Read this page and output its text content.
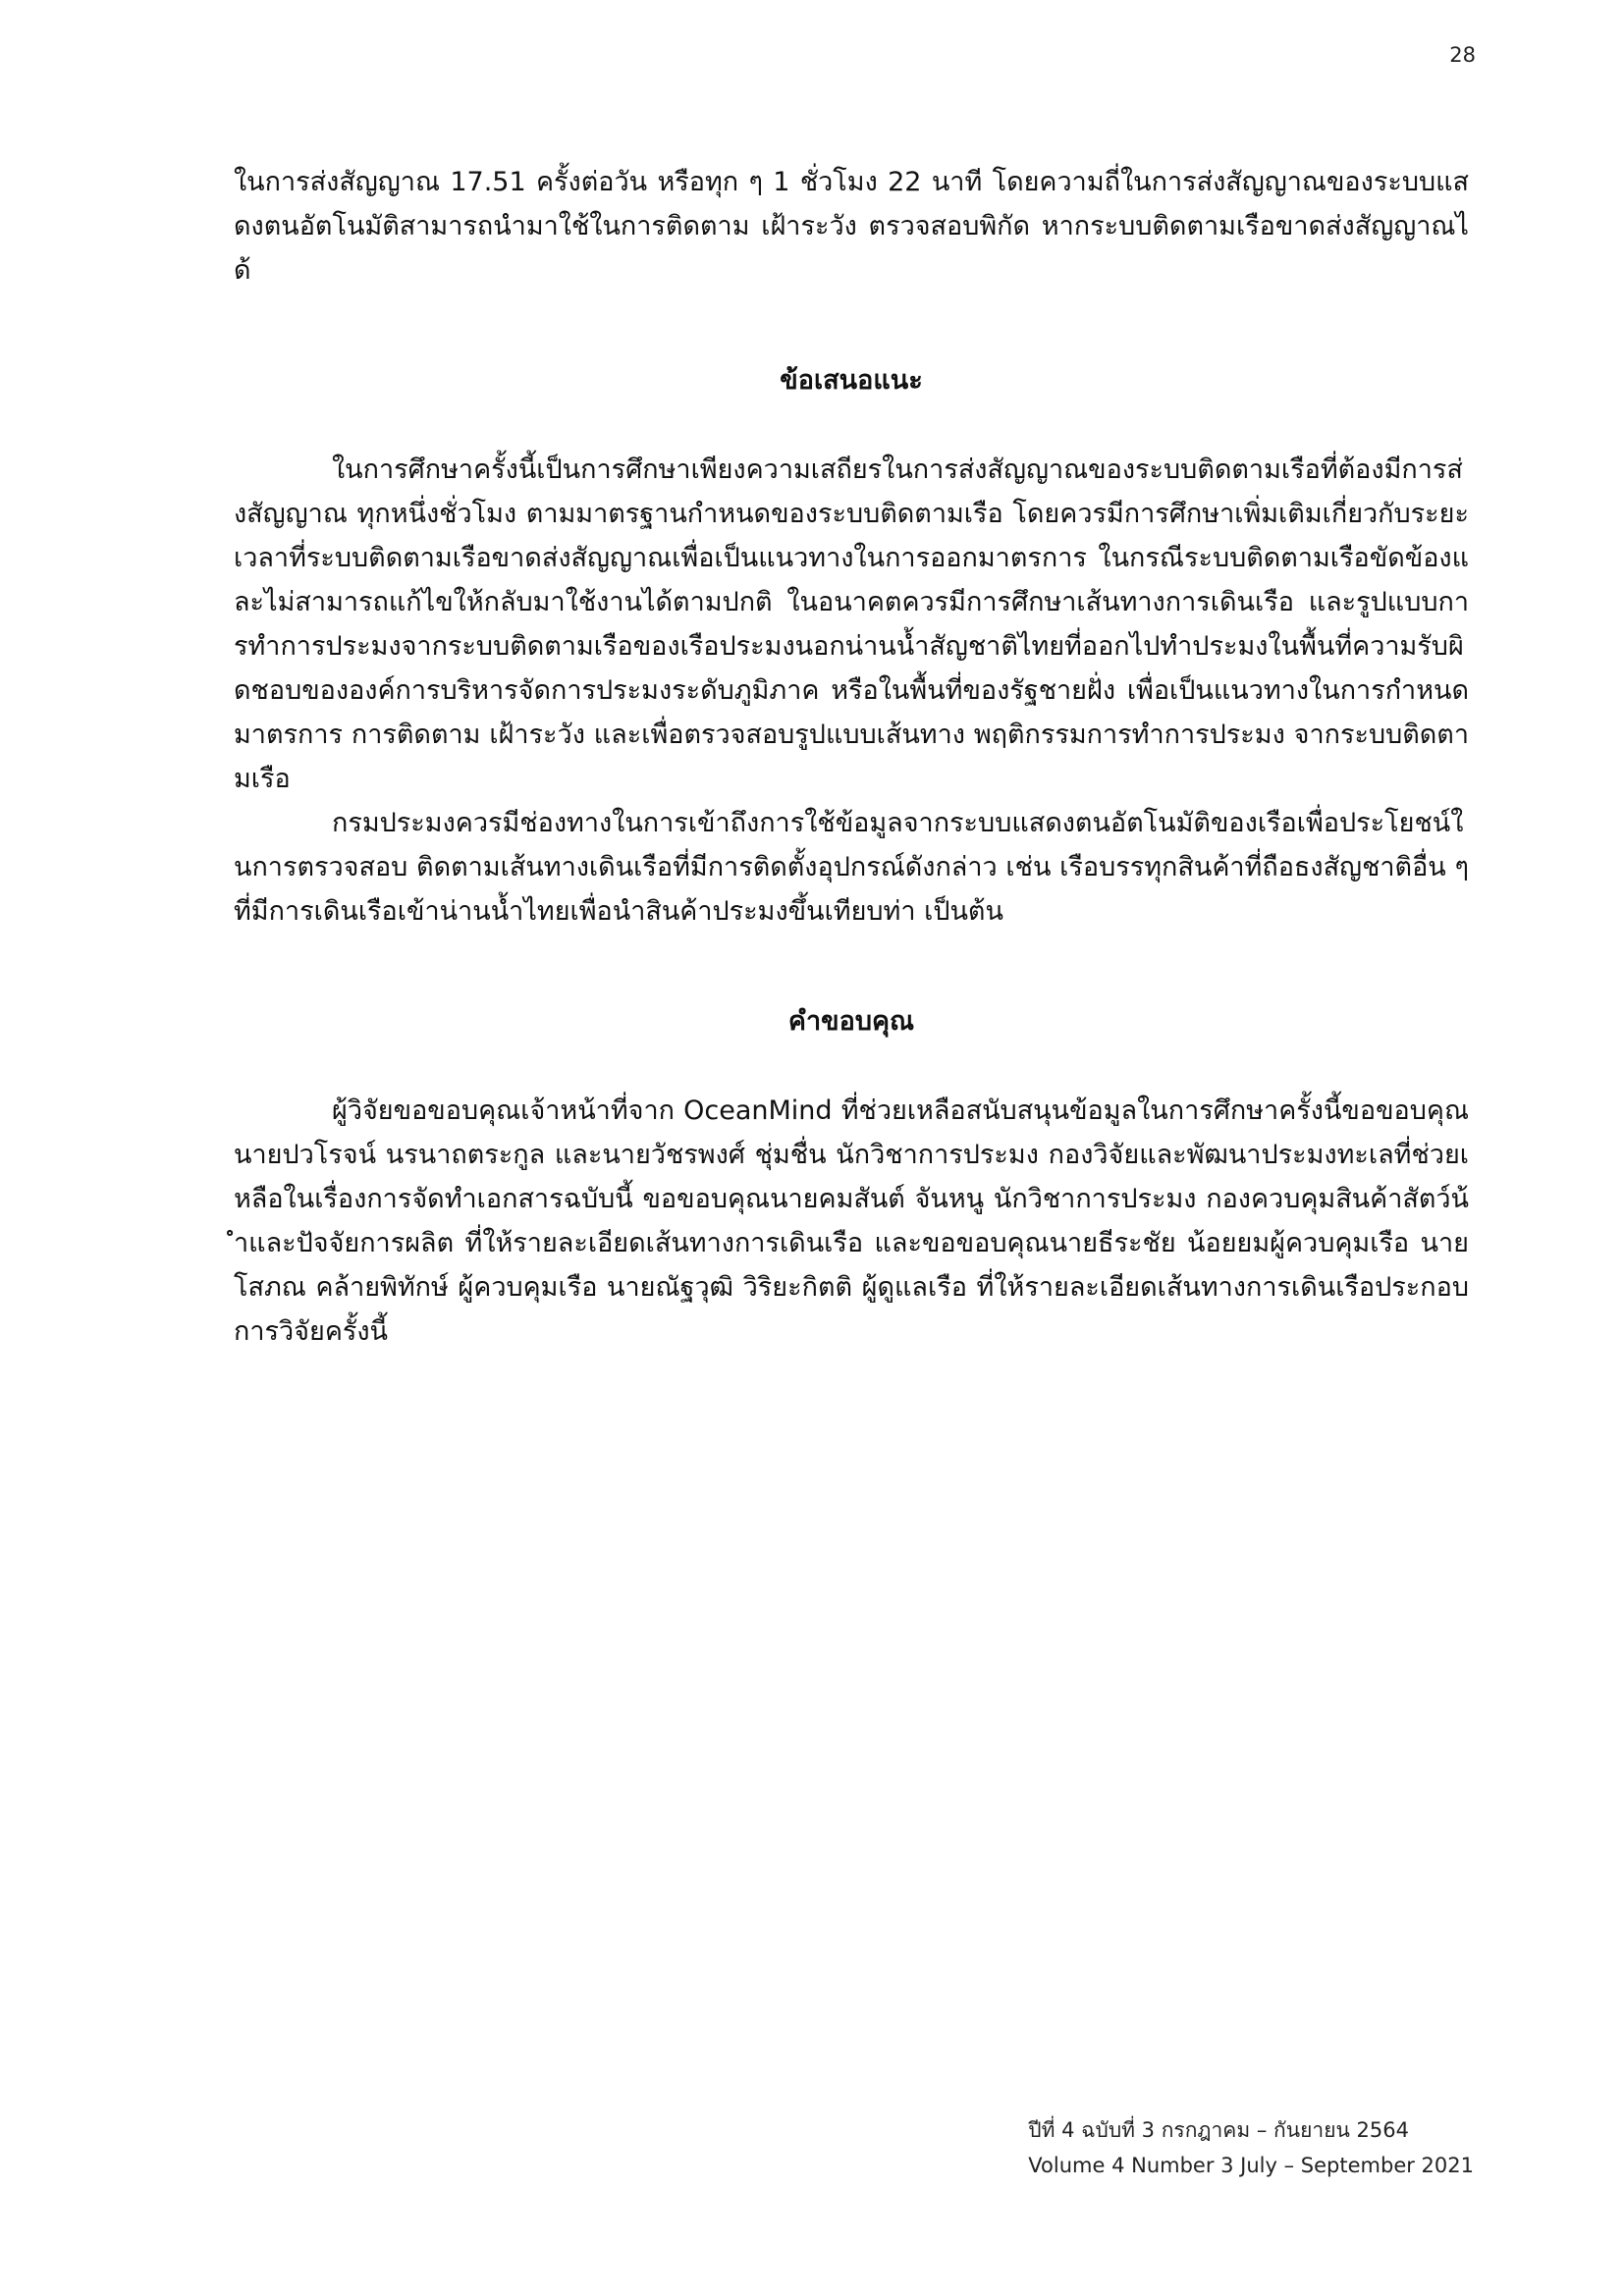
28

ในการส่งสัญญาณ 17.51 ครั้งต่อวัน หรือทุก ๆ 1 ชั่วโมง 22 นาที โดยความถี่ในการส่งสัญญาณของระบบแสดงตนอัตโนมัติสามารถนำมาใช้ในการติดตาม เฝ้าระวัง ตรวจสอบพิกัด หากระบบติดตามเรือขาดส่งสัญญาณได้

ข้อเสนอแนะ

ในการศึกษาครั้งนี้เป็นการศึกษาเพียงความเสถียรในการส่งสัญญาณของระบบติดตามเรือที่ต้องมีการส่งสัญญาณ ทุกหนึ่งชั่วโมง ตามมาตรฐานกำหนดของระบบติดตามเรือ โดยควรมีการศึกษาเพิ่มเติมเกี่ยวกับระยะเวลาที่ระบบติดตามเรือขาดส่งสัญญาณเพื่อเป็นแนวทางในการออกมาตรการ ในกรณีระบบติดตามเรือขัดข้องและไม่สามารถแก้ไขให้กลับมาใช้งานได้ตามปกติ ในอนาคตควรมีการศึกษาเส้นทางการเดินเรือ และรูปแบบการทำการประมงจากระบบติดตามเรือของเรือประมงนอกน่านน้ำสัญชาติไทยที่ออกไปทำประมงในพื้นที่ความรับผิดชอบขององค์การบริหารจัดการประมงระดับภูมิภาค หรือในพื้นที่ของรัฐชายฝั่ง เพื่อเป็นแนวทางในการกำหนดมาตรการ การติดตาม เฝ้าระวัง และเพื่อตรวจสอบรูปแบบเส้นทาง พฤติกรรมการทำการประมง จากระบบติดตามเรือ

กรมประมงควรมีช่องทางในการเข้าถึงการใช้ข้อมูลจากระบบแสดงตนอัตโนมัติของเรือเพื่อประโยชน์ในการตรวจสอบ ติดตามเส้นทางเดินเรือที่มีการติดตั้งอุปกรณ์ดังกล่าว เช่น เรือบรรทุกสินค้าที่ถือธงสัญชาติอื่น ๆที่มีการเดินเรือเข้าน่านน้ำไทยเพื่อนำสินค้าประมงขึ้นเทียบท่า เป็นต้น

คำขอบคุณ

ผู้วิจัยขอขอบคุณเจ้าหน้าที่จาก OceanMind ที่ช่วยเหลือสนับสนุนข้อมูลในการศึกษาครั้งนี้ขอขอบคุณนายปวโรจน์ นรนาถตระกูล และนายวัชรพงศ์ ชุ่มชื่น นักวิชาการประมง กองวิจัยและพัฒนาประมงทะเลที่ช่วยเหลือในเรื่องการจัดทำเอกสารฉบับนี้ ขอขอบคุณนายคมสันต์ จันหนู นักวิชาการประมง กองควบคุมสินค้าสัตว์น้ำและปัจจัยการผลิต ที่ให้รายละเอียดเส้นทางการเดินเรือ และขอขอบคุณนายธีระชัย น้อยยมผู้ควบคุมเรือ นายโสภณ คล้ายพิทักษ์ ผู้ควบคุมเรือ นายณัฐวุฒิ วิริยะกิตติ ผู้ดูแลเรือ ที่ให้รายละเอียดเส้นทางการเดินเรือประกอบการวิจัยครั้งนี้

ปีที่ 4 ฉบับที่ 3 กรกฎาคม – กันยายน 2564
Volume 4 Number 3 July – September 2021
